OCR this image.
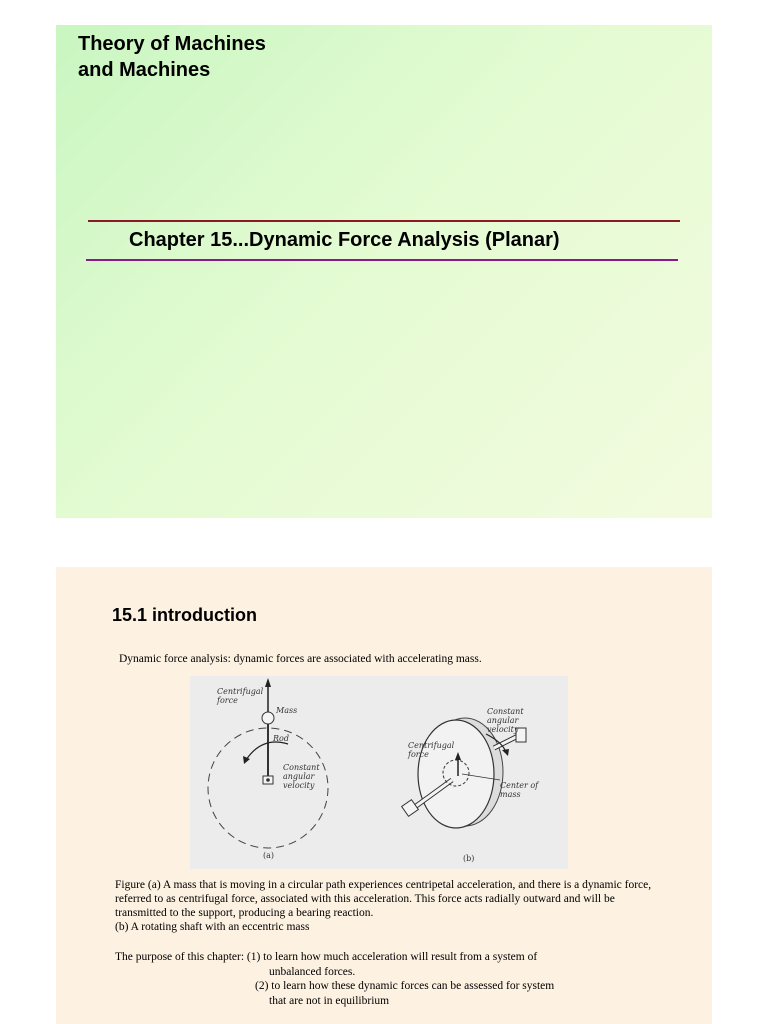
Theory of Machines
and Machines
Chapter 15...Dynamic Force Analysis (Planar)
15.1 introduction
Dynamic force analysis: dynamic forces are associated with accelerating mass.
Centrifugal
force
Mass
Rod
Constant
angular
velocity
(a)
Constant
angular
velocity
Centrifugal
force
Center of
mass
(b)

Figure (a) A mass that is moving in a circular path experiences centripetal acceleration, and there is a dynamic force,

referred to as centrifugal force, associated with this acceleration. This force acts radially outward and will be

transmitted to the support, producing a bearing reaction.

(b) A rotating shaft with an eccentric mass

The purpose of this chapter: (1) to learn how much acceleration will result from a system of
unbalanced forces.
(2) to learn how these dynamic forces can be assessed for system
that are not in equilibrium
